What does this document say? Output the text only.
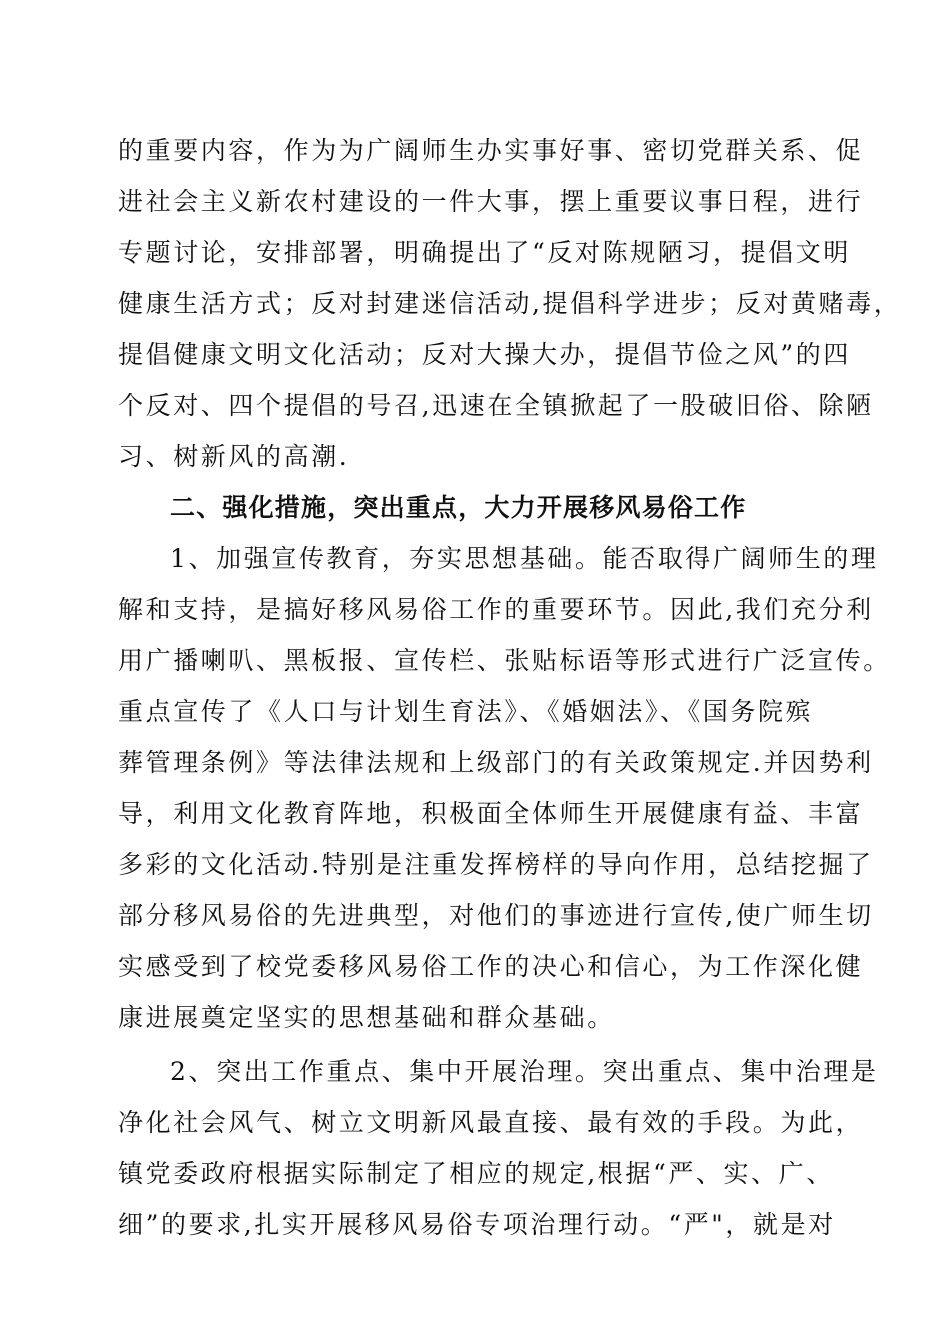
的重要内容，作为为广阔师生办实事好事、密切党群关系、促
进社会主义新农村建设的一件大事，摆上重要议事日程，进行
专题讨论，安排部署，明确提出了“反对陈规陋习，提倡文明
健康生活方式；反对封建迷信活动,提倡科学进步；反对黄赌毒，
提倡健康文明文化活动；反对大操大办，提倡节俭之风”的四
个反对、四个提倡的号召,迅速在全镇掀起了一股破旧俗、除陋
习、树新风的高潮.
二、强化措施，突出重点，大力开展移风易俗工作
1、加强宣传教育，夯实思想基础。能否取得广阔师生的理
解和支持，是搞好移风易俗工作的重要环节。因此,我们充分利
用广播喇叭、黑板报、宣传栏、张贴标语等形式进行广泛宣传。
重点宣传了《人口与计划生育法》、《婚姻法》、《国务院殡
葬管理条例》等法律法规和上级部门的有关政策规定.并因势利
导，利用文化教育阵地，积极面全体师生开展健康有益、丰富
多彩的文化活动.特别是注重发挥榜样的导向作用，总结挖掘了
部分移风易俗的先进典型，对他们的事迹进行宣传,使广师生切
实感受到了校党委移风易俗工作的决心和信心，为工作深化健
康进展奠定坚实的思想基础和群众基础。
2、突出工作重点、集中开展治理。突出重点、集中治理是
净化社会风气、树立文明新风最直接、最有效的手段。为此，
镇党委政府根据实际制定了相应的规定,根据“严、实、广、
细”的要求,扎实开展移风易俗专项治理行动。“严"，就是对
